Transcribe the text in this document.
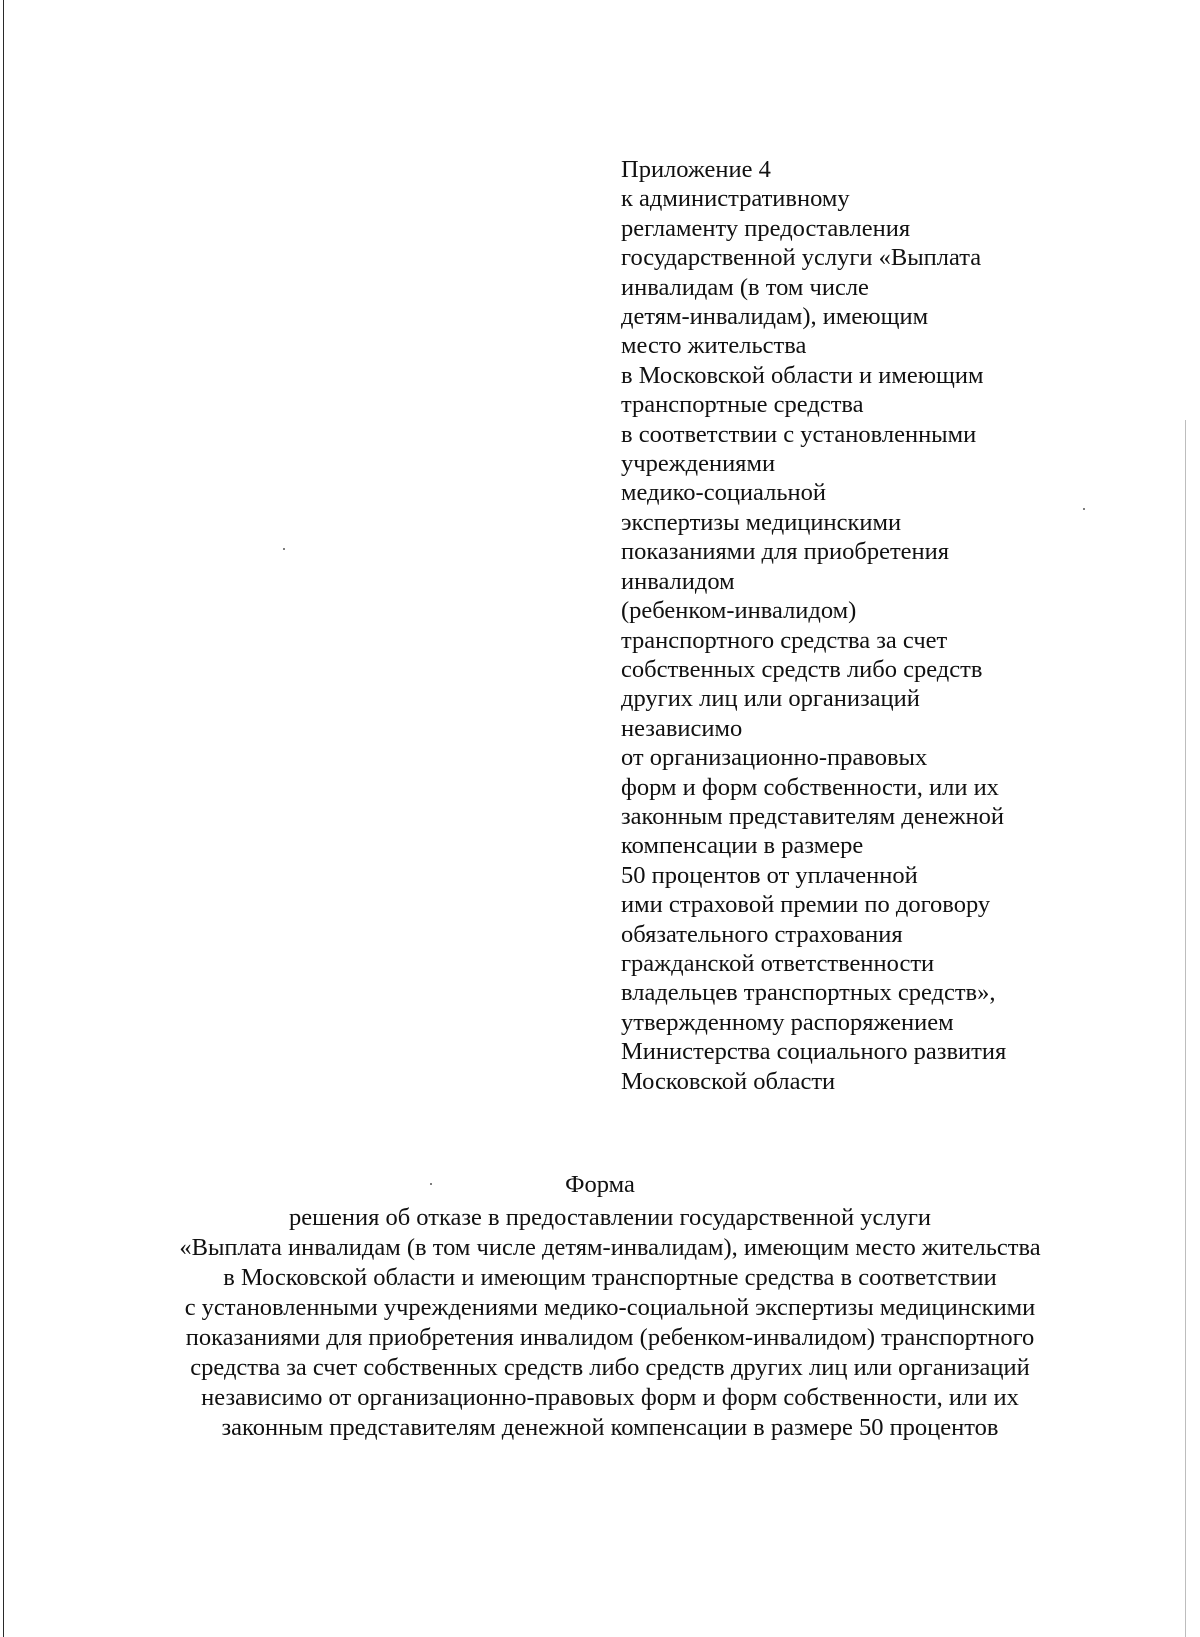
Приложение 4
к административному
регламенту предоставления
государственной услуги «Выплата
инвалидам (в том числе
детям-инвалидам), имеющим
место жительства
в Московской области и имеющим
транспортные средства
в соответствии с установленными
учреждениями
медико-социальной
экспертизы медицинскими
показаниями для приобретения
инвалидом
(ребенком-инвалидом)
транспортного средства за счет
собственных средств либо средств
других лиц или организаций
независимо
от организационно-правовых
форм и форм собственности, или их
законным представителям денежной
компенсации в размере
50 процентов от уплаченной
ими страховой премии по договору
обязательного страхования
гражданской ответственности
владельцев транспортных средств»,
утвержденному распоряжением
Министерства социального развития
Московской области
Форма
решения об отказе в предоставлении государственной услуги
«Выплата инвалидам (в том числе детям-инвалидам), имеющим место жительства
в Московской области и имеющим транспортные средства в соответствии
с установленными учреждениями медико-социальной экспертизы медицинскими
показаниями для приобретения инвалидом (ребенком-инвалидом) транспортного
средства за счет собственных средств либо средств других лиц или организаций
независимо от организационно-правовых форм и форм собственности, или их
законным представителям денежной компенсации в размере 50 процентов
